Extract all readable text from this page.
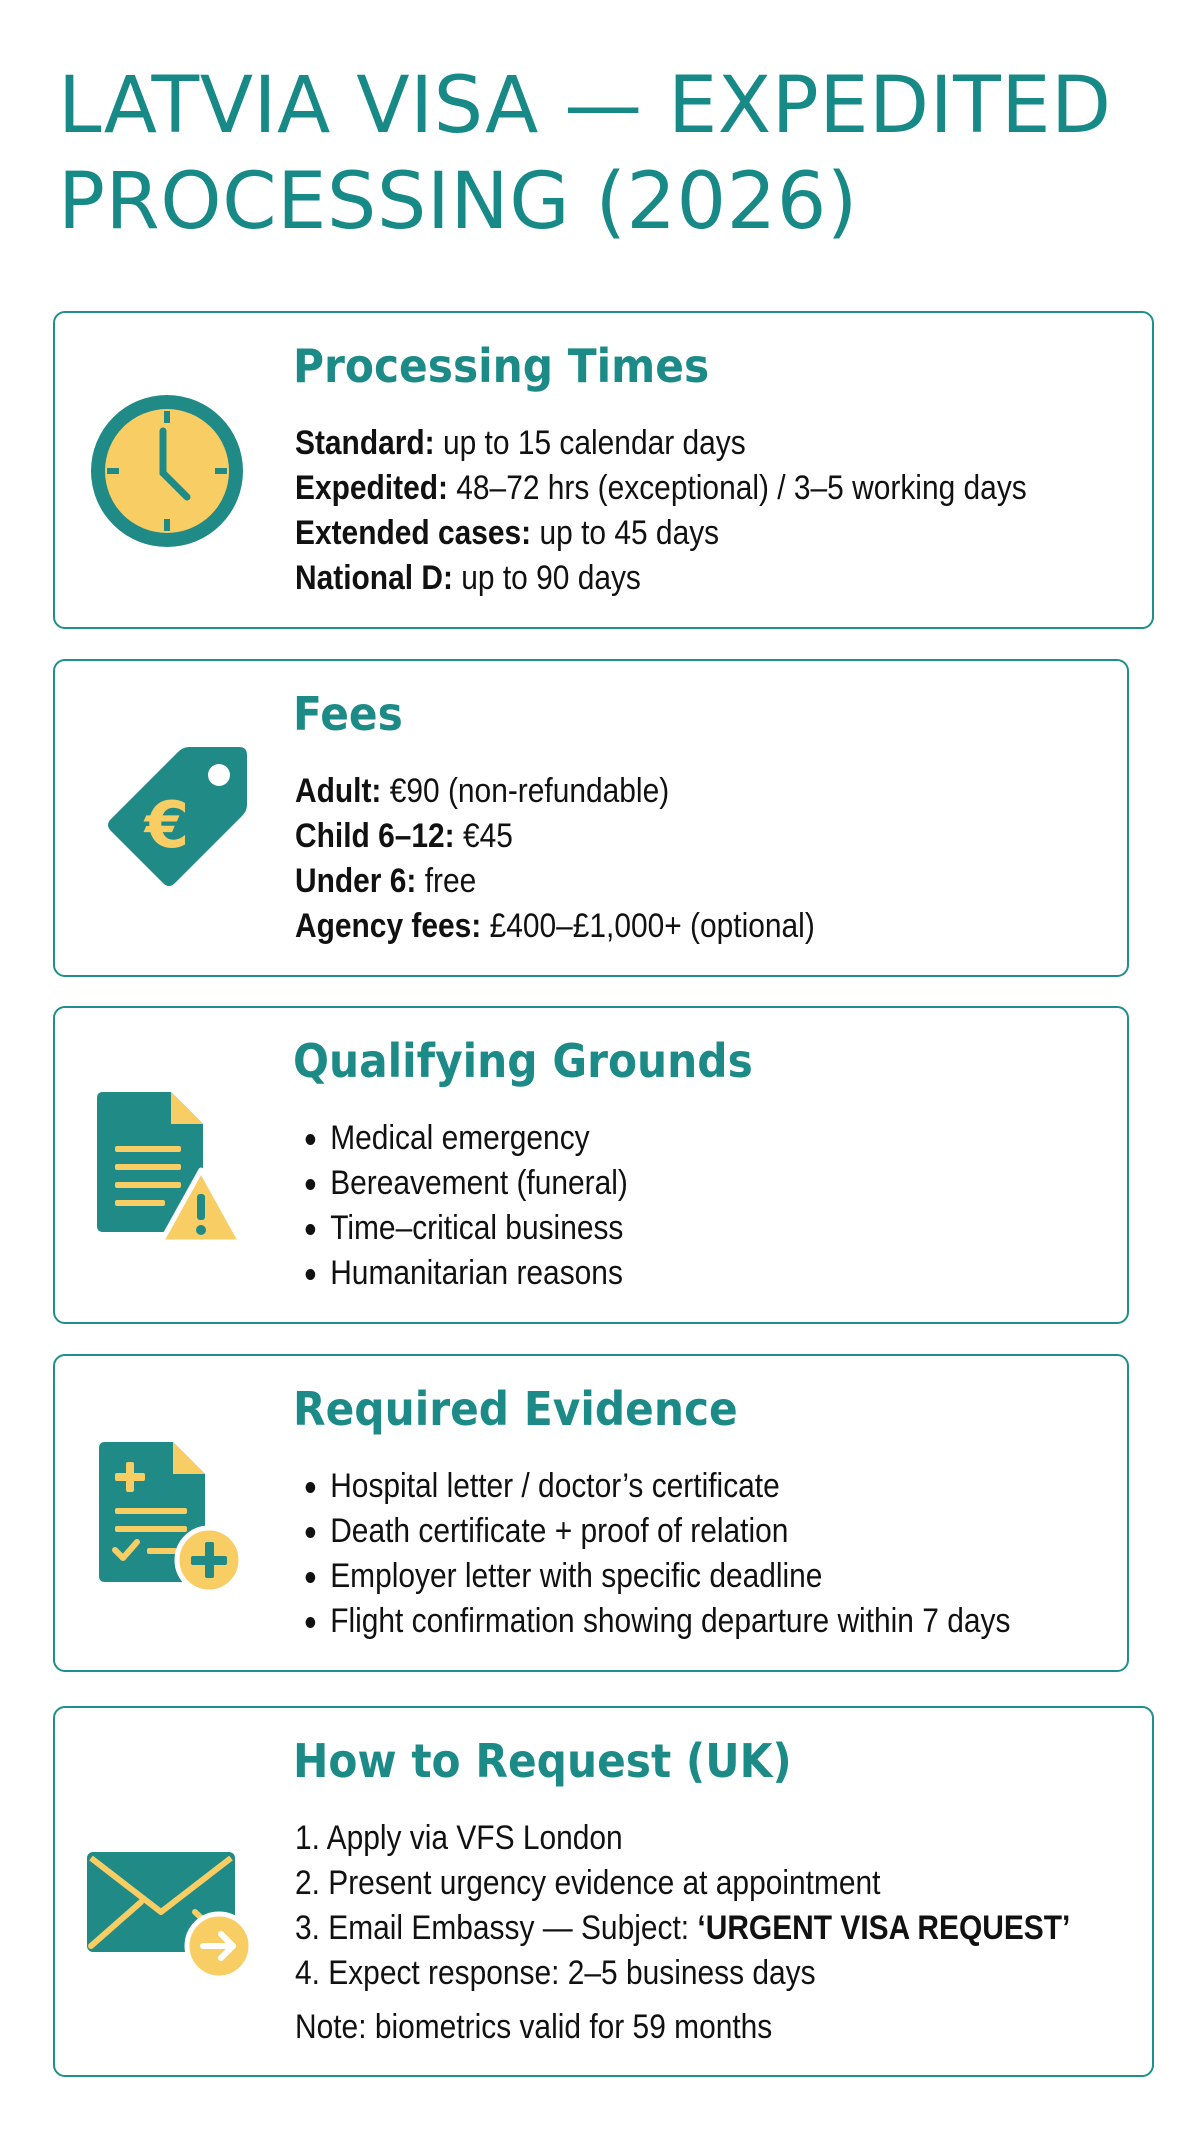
LATVIA VISA — EXPEDITED PROCESSING (2026)
Processing Times
Standard: up to 15 calendar days
Expedited: 48–72 hrs (exceptional) / 3–5 working days
Extended cases: up to 45 days
National D: up to 90 days
€
Fees
Adult: €90 (non-refundable)
Child 6–12: €45
Under 6: free
Agency fees: £400–£1,000+ (optional)
Qualifying Grounds
Medical emergency
Bereavement (funeral)
Time–critical business
Humanitarian reasons
Required Evidence
Hospital letter / doctor’s certificate
Death certificate + proof of relation
Employer letter with specific deadline
Flight confirmation showing departure within 7 days
How to Request (UK)
1. Apply via VFS London
2. Present urgency evidence at appointment
3. Email Embassy — Subject: ‘URGENT VISA REQUEST’
4. Expect response: 2–5 business days

Note: biometrics valid for 59 months
